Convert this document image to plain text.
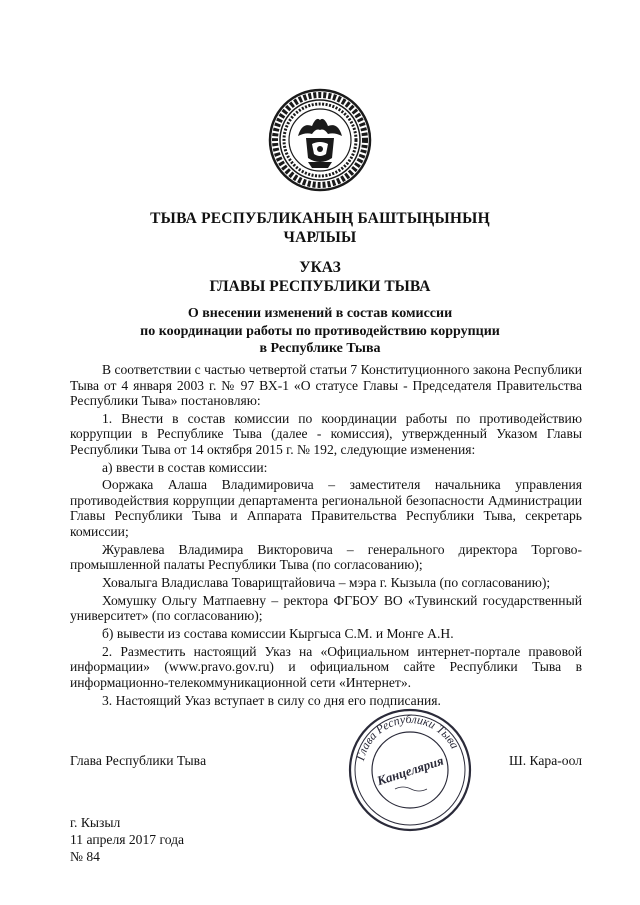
ТЫВА РЕСПУБЛИКАНЫҢ БАШТЫҢЫНЫҢ
ЧАРЛЫЫ
УКАЗ
ГЛАВЫ РЕСПУБЛИКИ ТЫВА
О внесении изменений в состав комиссии
по координации работы по противодействию коррупции
в Республике Тыва

В соответствии с частью четвертой статьи 7 Конституционного закона Республики Тыва от 4 января 2003 г. № 97 ВХ-1 «О статусе Главы - Председателя Правительства Республики Тыва» постановляю:

1. Внести в состав комиссии по координации работы по противодействию коррупции в Республике Тыва (далее - комиссия), утвержденный Указом Главы Республики Тыва от 14 октября 2015 г. № 192, следующие изменения:

а) ввести в состав комиссии:

Ооржака Алаша Владимировича – заместителя начальника управления противодействия коррупции департамента региональной безопасности Администрации Главы Республики Тыва и Аппарата Правительства Республики Тыва, секретарь комиссии;

Журавлева Владимира Викторовича – генерального директора Торгово-промышленной палаты Республики Тыва (по согласованию);

Ховалыга Владислава Товарищтайовича – мэра г. Кызыла (по согласованию);

Хомушку Ольгу Матпаевну – ректора ФГБОУ ВО «Тувинский государственный университет» (по согласованию);

б) вывести из состава комиссии Кыргыса С.М. и Монге А.Н.

2. Разместить настоящий Указ на «Официальном интернет-портале правовой информации» (www.pravo.gov.ru) и официальном сайте Республики Тыва в информационно-телекоммуникационной сети «Интернет».

3. Настоящий Указ вступает в силу со дня его подписания.

Глава Республики Тывa	Ш. Кара-оол
Глава Республики Тыва
Канцелярия
г. Кызыл
11 апреля 2017 года
№ 84
